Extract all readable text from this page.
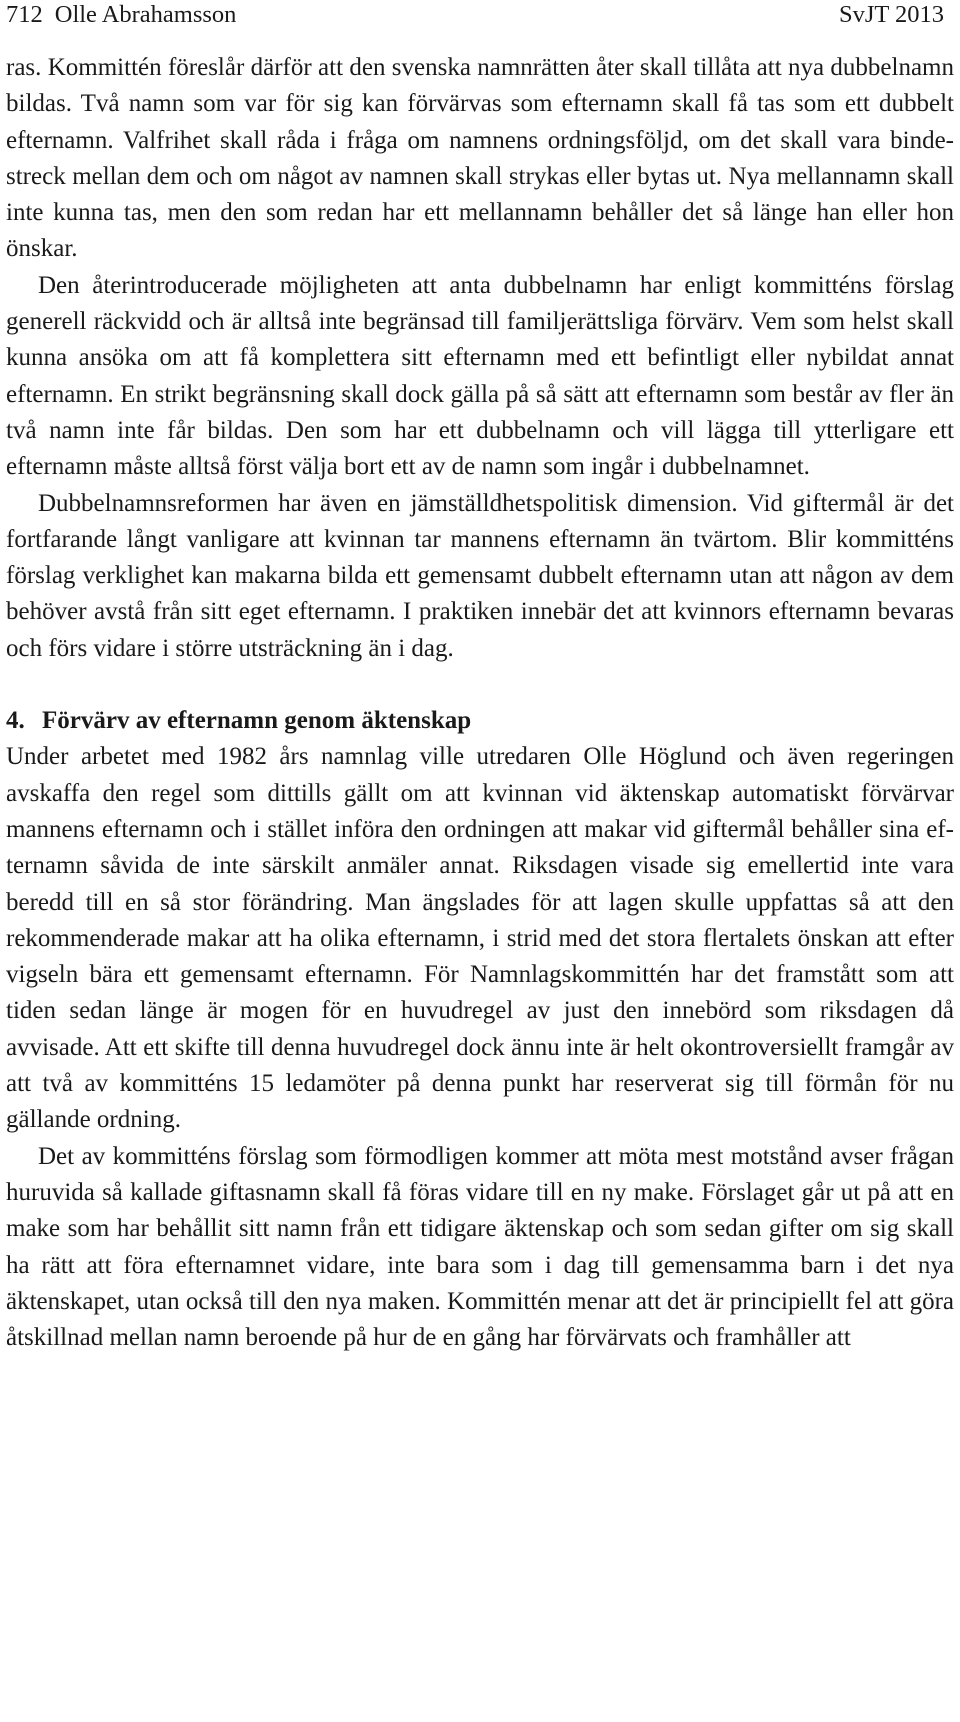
712 Olle Abrahamsson	SvJT 2013

ras. Kommittén föreslår därför att den svenska namnrätten åter skall tillåta att nya dubbelnamn bildas. Två namn som var för sig kan förvärvas som efternamn skall få tas som ett dubbelt efternamn. Valfrihet skall råda i fråga om namnens ordningsföljd, om det skall vara bindestreck mellan dem och om något av namnen skall strykas eller bytas ut. Nya mellannamn skall inte kunna tas, men den som redan har ett mellannamn behåller det så länge han eller hon önskar.

Den återintroducerade möjligheten att anta dubbelnamn har enligt kommitténs förslag generell räckvidd och är alltså inte begränsad till familjerättsliga förvärv. Vem som helst skall kunna ansöka om att få komplettera sitt efternamn med ett befintligt eller nybildat annat efternamn. En strikt begränsning skall dock gälla på så sätt att efternamn som består av fler än två namn inte får bildas. Den som har ett dubbelnamn och vill lägga till ytterligare ett efternamn måste alltså först välja bort ett av de namn som ingår i dubbelnamnet.

Dubbelnamnsreformen har även en jämställdhetspolitisk dimension. Vid giftermål är det fortfarande långt vanligare att kvinnan tar mannens efternamn än tvärtom. Blir kommitténs förslag verklighet kan makarna bilda ett gemensamt dubbelt efternamn utan att någon av dem behöver avstå från sitt eget efternamn. I praktiken innebär det att kvinnors efternamn bevaras och förs vidare i större utsträckning än i dag.

4. Förvärv av efternamn genom äktenskap

Under arbetet med 1982 års namnlag ville utredaren Olle Höglund och även regeringen avskaffa den regel som dittills gällt om att kvinnan vid äktenskap automatiskt förvärvar mannens efternamn och i stället införa den ordningen att makar vid giftermål behåller sina efternamn såvida de inte särskilt anmäler annat. Riksdagen visade sig emellertid inte vara beredd till en så stor förändring. Man ängslades för att lagen skulle uppfattas så att den rekommenderade makar att ha olika efternamn, i strid med det stora flertalets önskan att efter vigseln bära ett gemensamt efternamn. För Namnlagskommittén har det framstått som att tiden sedan länge är mogen för en huvudregel av just den innebörd som riksdagen då avvisade. Att ett skifte till denna huvudregel dock ännu inte är helt okontroversiellt framgår av att två av kommitténs 15 ledamöter på denna punkt har reserverat sig till förmån för nu gällande ordning.

Det av kommitténs förslag som förmodligen kommer att möta mest motstånd avser frågan huruvida så kallade giftasnamn skall få föras vidare till en ny make. Förslaget går ut på att en make som har behållit sitt namn från ett tidigare äktenskap och som sedan gifter om sig skall ha rätt att föra efternamnet vidare, inte bara som i dag till gemensamma barn i det nya äktenskapet, utan också till den nya maken. Kommittén menar att det är principiellt fel att göra åtskillnad mellan namn beroende på hur de en gång har förvärvats och framhåller att
